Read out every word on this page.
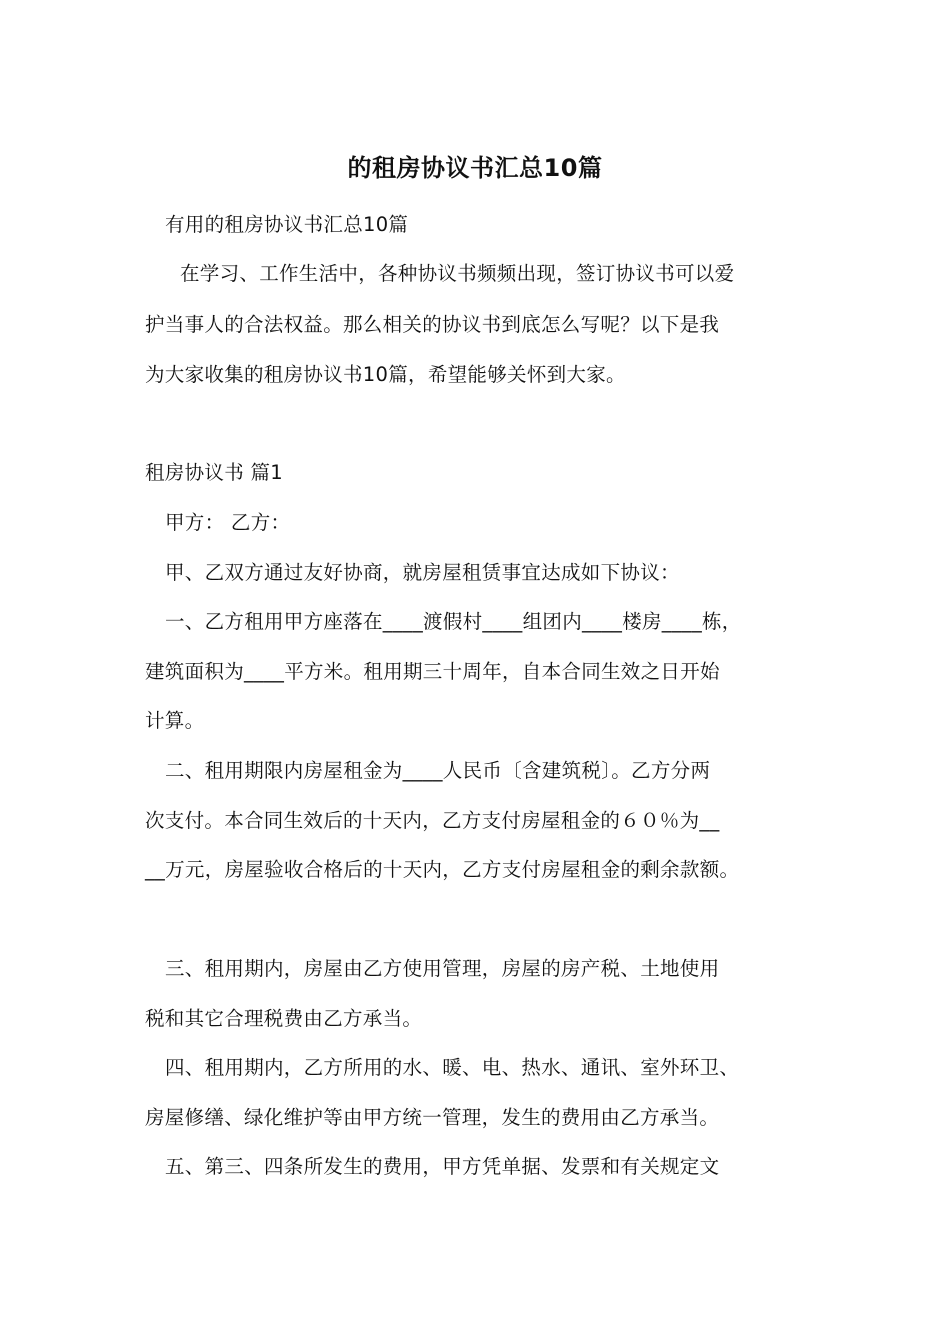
的租房协议书汇总10篇
有用的租房协议书汇总10篇
在学习、工作生活中，各种协议书频频出现，签订协议书可以爱
护当事人的合法权益。那么相关的协议书到底怎么写呢？以下是我
为大家收集的租房协议书10篇，希望能够关怀到大家。
租房协议书 篇1
甲方： 乙方：
甲、乙双方通过友好协商，就房屋租赁事宜达成如下协议：
一、乙方租用甲方座落在____渡假村____组团内____楼房____栋，
建筑面积为____平方米。租用期三十周年，自本合同生效之日开始
计算。
二、租用期限内房屋租金为____人民币〔含建筑税〕。乙方分两
次支付。本合同生效后的十天内，乙方支付房屋租金的６０％为__
__万元，房屋验收合格后的十天内，乙方支付房屋租金的剩余款额。
三、租用期内，房屋由乙方使用管理，房屋的房产税、土地使用
税和其它合理税费由乙方承当。
四、租用期内，乙方所用的水、暖、电、热水、通讯、室外环卫、
房屋修缮、绿化维护等由甲方统一管理，发生的费用由乙方承当。
五、第三、四条所发生的费用，甲方凭单据、发票和有关规定文
